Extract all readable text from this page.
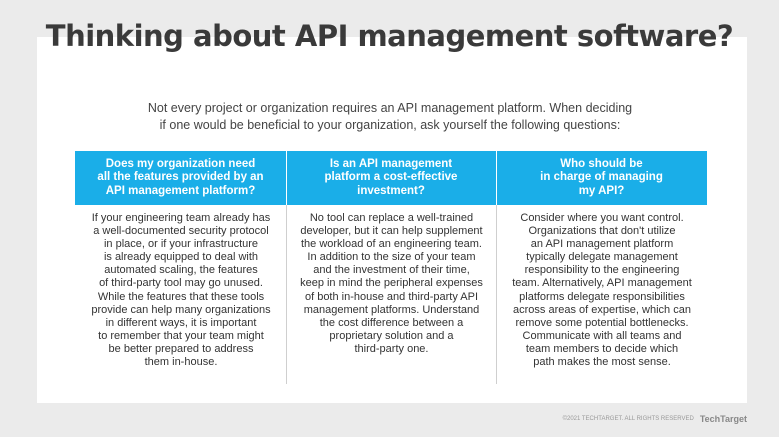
Thinking about API management software?
Not every project or organization requires an API management platform. When deciding
if one would be beneficial to your organization, ask yourself the following questions:
Does my organization need
all the features provided by an
API management platform?
Is an API management
platform a cost-effective
investment?
Who should be
in charge of managing
my API?
If your engineering team already has
a well-documented security protocol
in place, or if your infrastructure
is already equipped to deal with
automated scaling, the features
of third-party tool may go unused.
While the features that these tools
provide can help many organizations
in different ways, it is important
to remember that your team might
be better prepared to address
them in-house.
No tool can replace a well-trained
developer, but it can help supplement
the workload of an engineering team.
In addition to the size of your team
and the investment of their time,
keep in mind the peripheral expenses
of both in-house and third-party API
management platforms. Understand
the cost difference between a
proprietary solution and a
third-party one.
Consider where you want control.
Organizations that don't utilize
an API management platform
typically delegate management
responsibility to the engineering
team. Alternatively, API management
platforms delegate responsibilities
across areas of expertise, which can
remove some potential bottlenecks.
Communicate with all teams and
team members to decide which
path makes the most sense.
©2021 TECHTARGET. ALL RIGHTS RESERVED TechTarget
